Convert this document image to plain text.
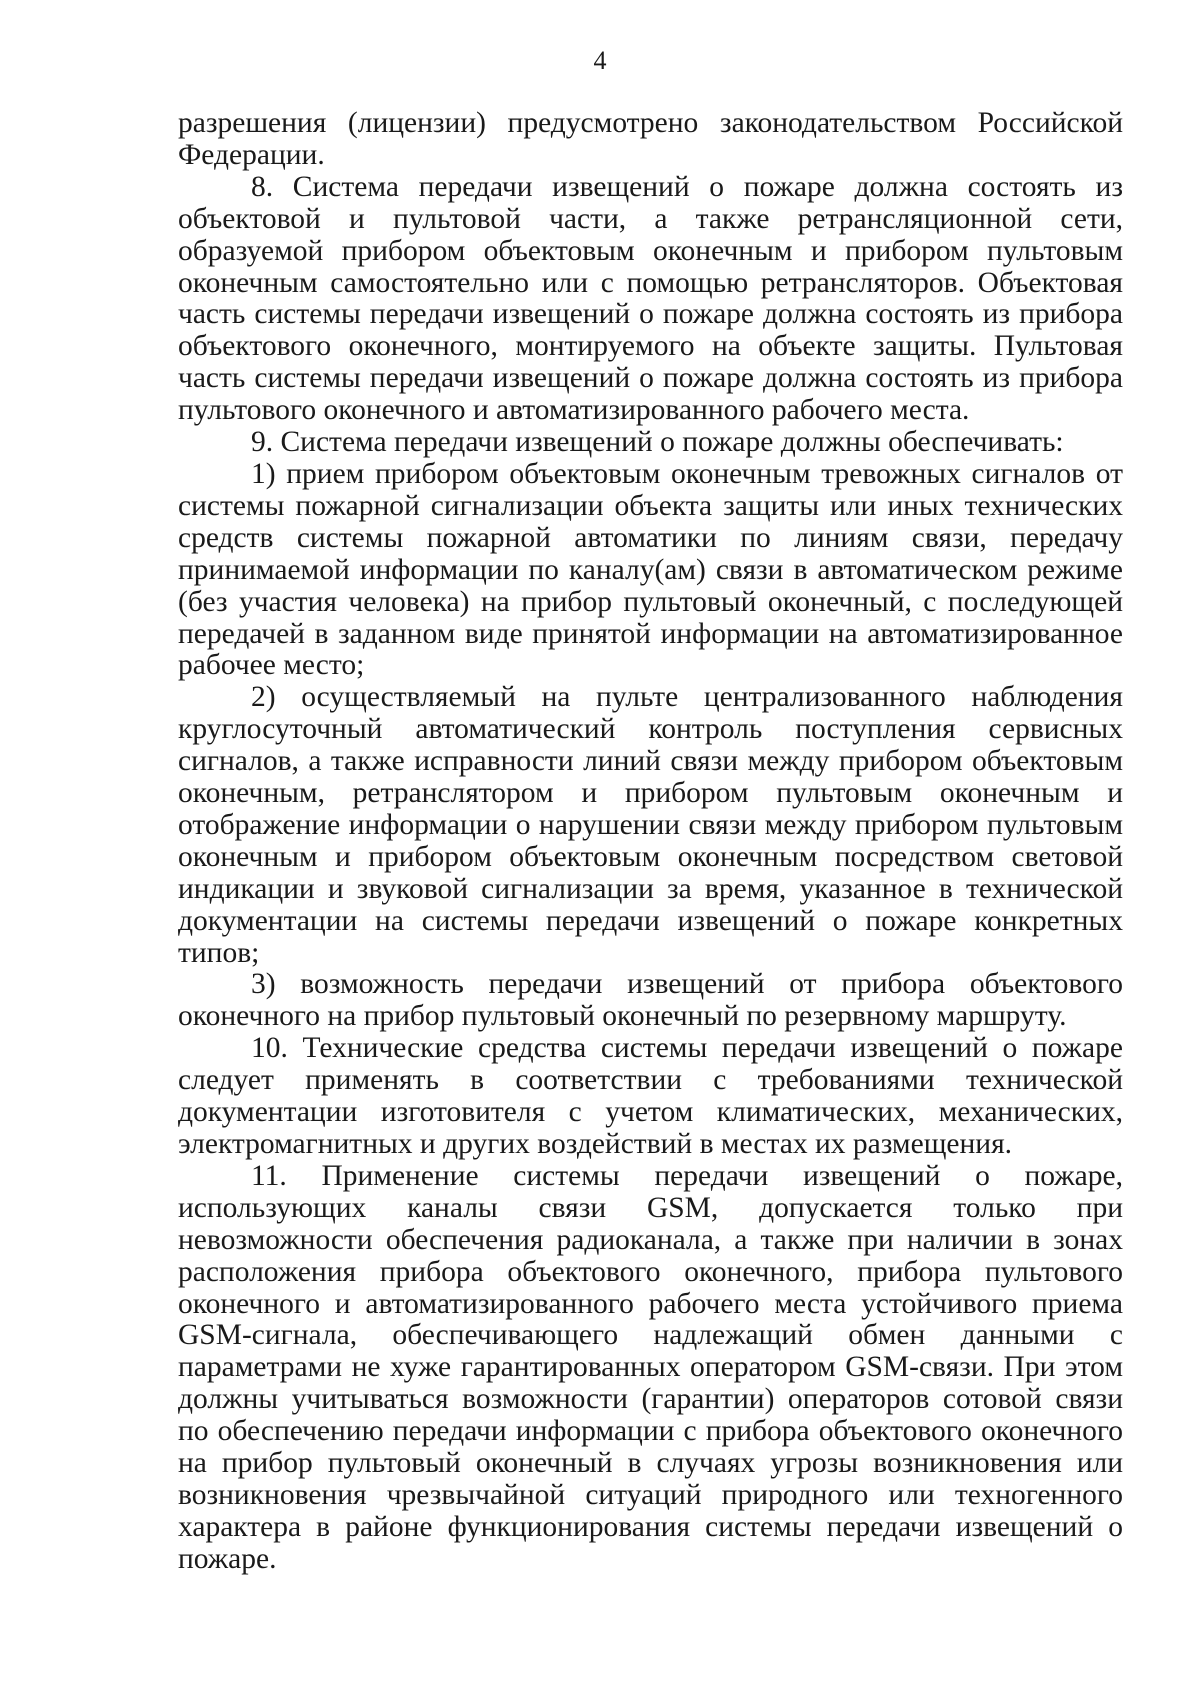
4

разрешения (лицензии) предусмотрено законодательством Российской Федерации.

8. Система передачи извещений о пожаре должна состоять из объектовой и пультовой части, а также ретрансляционной сети, образуемой прибором объектовым оконечным и прибором пультовым оконечным самостоятельно или с помощью ретрансляторов. Объектовая часть системы передачи извещений о пожаре должна состоять из прибора объектового оконечного, монтируемого на объекте защиты. Пультовая часть системы передачи извещений о пожаре должна состоять из прибора пультового оконечного и автоматизированного рабочего места.

9. Система передачи извещений о пожаре должны обеспечивать:

1) прием прибором объектовым оконечным тревожных сигналов от системы пожарной сигнализации объекта защиты или иных технических средств системы пожарной автоматики по линиям связи, передачу принимаемой информации по каналу(ам) связи в автоматическом режиме (без участия человека) на прибор пультовый оконечный, с последующей передачей в заданном виде принятой информации на автоматизированное рабочее место;

2) осуществляемый на пульте централизованного наблюдения круглосуточный автоматический контроль поступления сервисных сигналов, а также исправности линий связи между прибором объектовым оконечным, ретранслятором и прибором пультовым оконечным и отображение информации о нарушении связи между прибором пультовым оконечным и прибором объектовым оконечным посредством световой индикации и звуковой сигнализации за время, указанное в технической документации на системы передачи извещений о пожаре конкретных типов;

3) возможность передачи извещений от прибора объектового оконечного на прибор пультовый оконечный по резервному маршруту.

10. Технические средства системы передачи извещений о пожаре следует применять в соответствии с требованиями технической документации изготовителя с учетом климатических, механических, электромагнитных и других воздействий в местах их размещения.

11. Применение системы передачи извещений о пожаре, использующих каналы связи GSM, допускается только при невозможности обеспечения радиоканала, а также при наличии в зонах расположения прибора объектового оконечного, прибора пультового оконечного и автоматизированного рабочего места устойчивого приема GSM-сигнала, обеспечивающего надлежащий обмен данными с параметрами не хуже гарантированных оператором GSM-связи. При этом должны учитываться возможности (гарантии) операторов сотовой связи по обеспечению передачи информации с прибора объектового оконечного на прибор пультовый оконечный в случаях угрозы возникновения или возникновения чрезвычайной ситуаций природного или техногенного характера в районе функционирования системы передачи извещений о пожаре.
